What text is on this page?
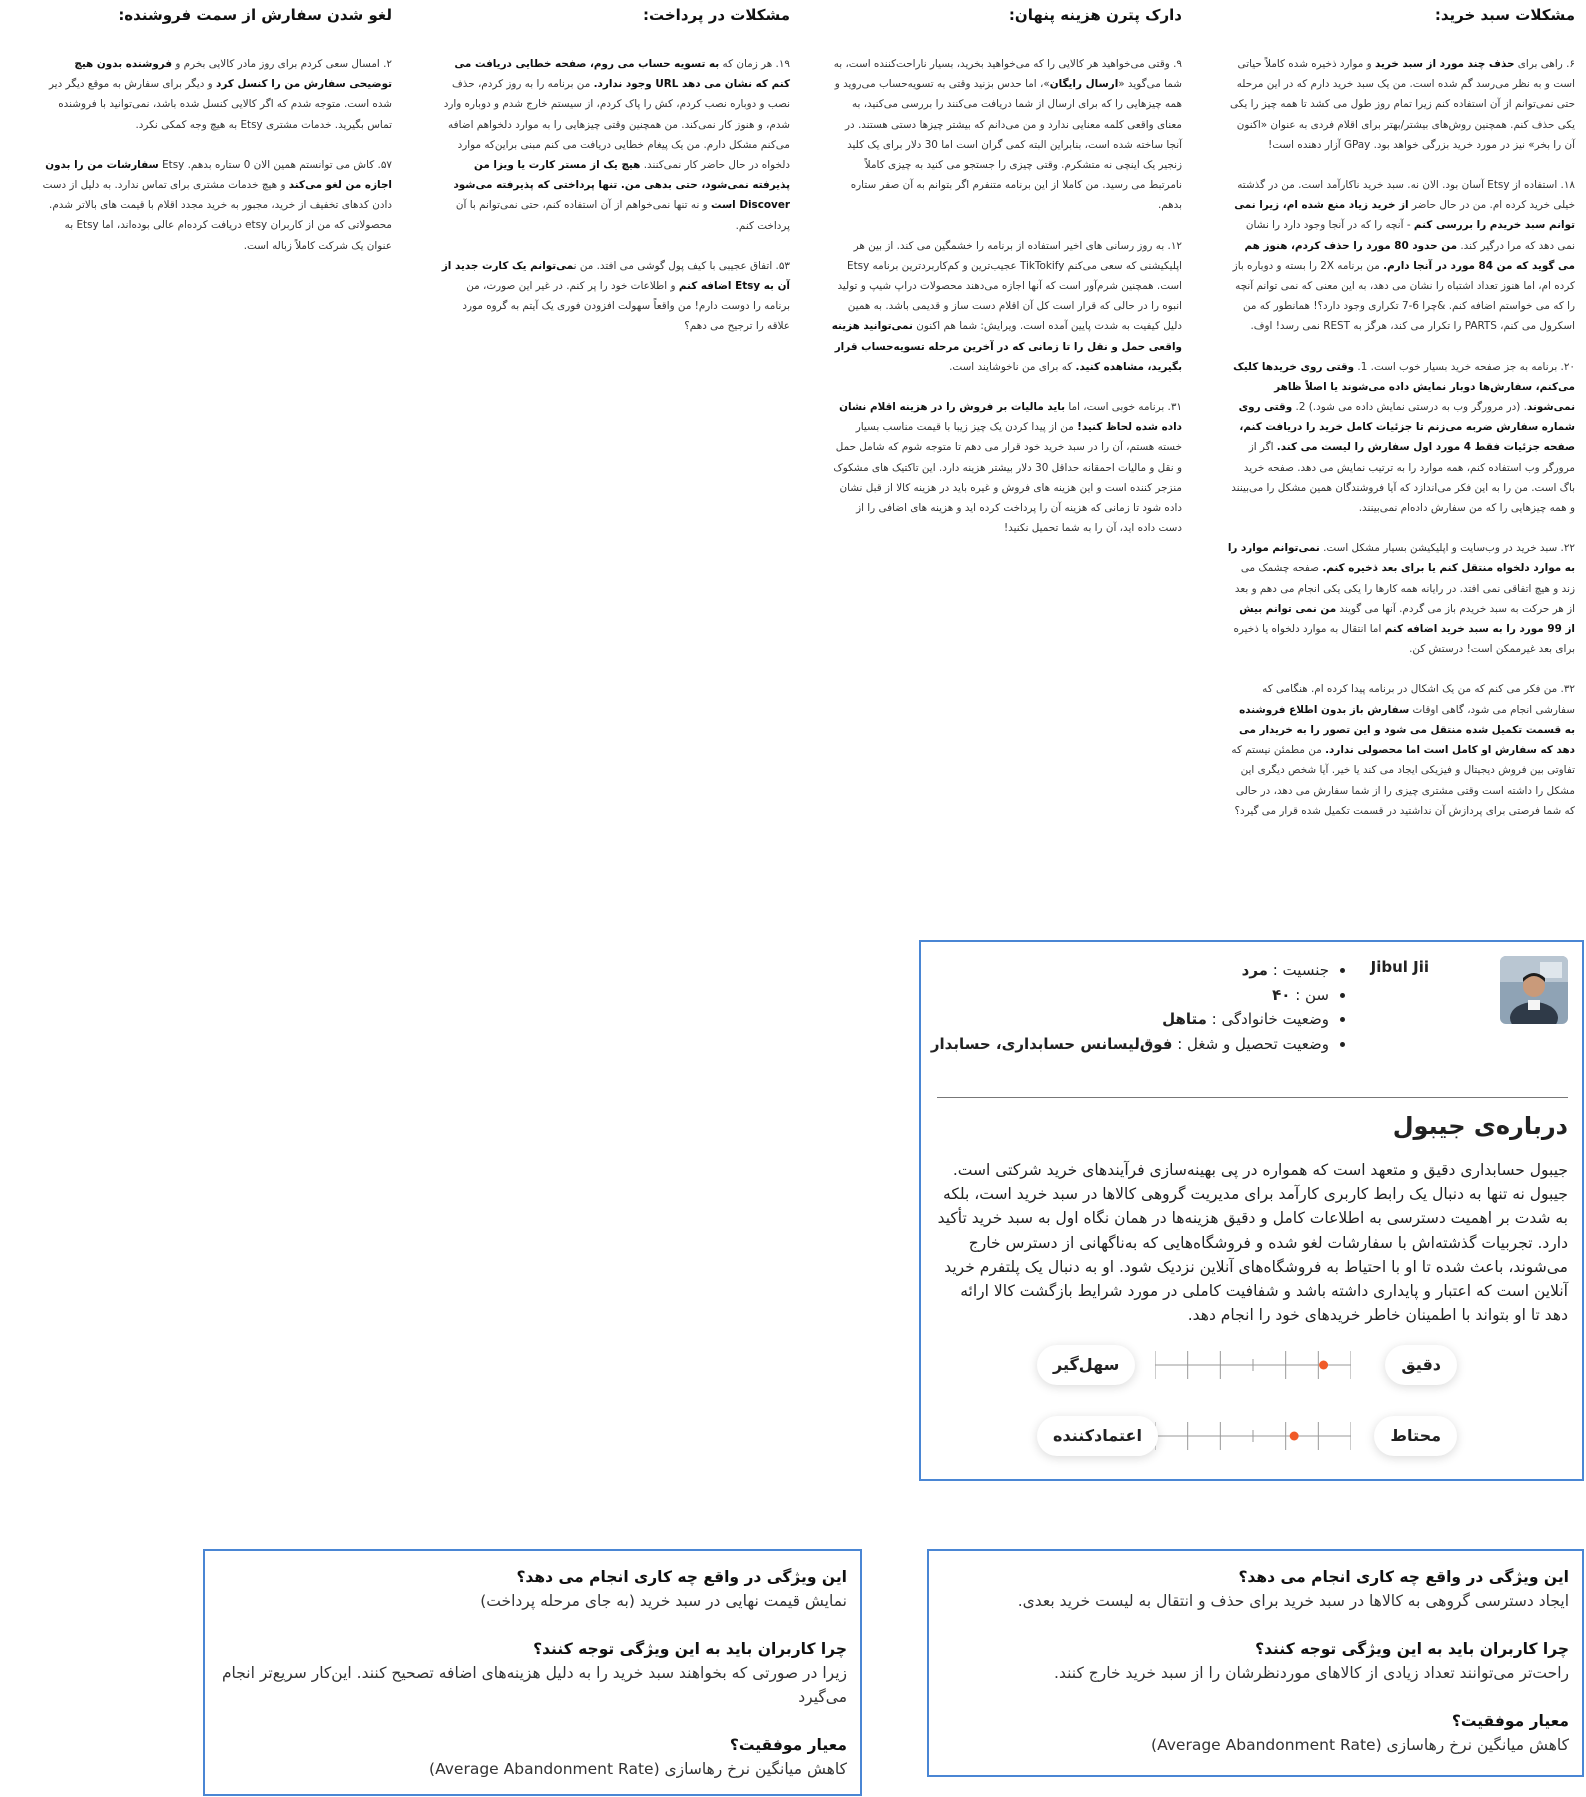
مشکلات سبد خرید:

۶. راهی برای حذف چند مورد از سبد خرید و موارد ذخیره شده کاملاً حیاتی است و به نظر می‌رسد گم شده است. من یک سبد خرید دارم که در این مرحله حتی نمی‌توانم از آن استفاده کنم زیرا تمام روز طول می کشد تا همه چیز را یکی یکی حذف کنم. همچنین روش‌های بیشتر/بهتر برای اقلام فردی به عنوان «اکنون آن را بخر» نیز در مورد خرید بزرگی خواهد بود. GPay آزار دهنده است!

۱۸. استفاده از Etsy آسان بود. الان نه. سبد خرید ناکارآمد است. من در گذشته خیلی خرید کرده ام. من در حال حاضر از خرید زیاد منع شده ام، زیرا نمی توانم سبد خریدم را بررسی کنم - آنچه را که در آنجا وجود دارد را نشان نمی دهد که مرا درگیر کند. من حدود 80 مورد را حذف کردم، هنوز هم می گوید که من 84 مورد در آنجا دارم. من برنامه 2X را بسته و دوباره باز کرده ام، اما هنوز تعداد اشتباه را نشان می دهد، به این معنی که نمی توانم آنچه را که می خواستم اضافه کنم. &چرا 6-7 تکراری وجود دارد؟! همانطور که من اسکرول می کنم، PARTS را تکرار می کند، هرگز به REST نمی رسد! اوف.

۲۰. برنامه به جز صفحه خرید بسیار خوب است. 1. وقتی روی خریدها کلیک می‌کنم، سفارش‌ها دوبار نمایش داده می‌شوند یا اصلاً ظاهر نمی‌شوند. (در مرورگر وب به درستی نمایش داده می شود.) 2. وقتی روی شماره سفارش ضربه می‌زنم تا جزئیات کامل خرید را دریافت کنم، صفحه جزئیات فقط 4 مورد اول سفارش را لیست می کند. اگر از مرورگر وب استفاده کنم، همه موارد را به ترتیب نمایش می دهد. صفحه خرید باگ است. من را به این فکر می‌اندازد که آیا فروشندگان همین مشکل را می‌بینند و همه چیزهایی را که من سفارش داده‌ام نمی‌بینند.

۲۲. سبد خرید در وب‌سایت و اپلیکیشن بسیار مشکل است. نمی‌توانم موارد را به موارد دلخواه منتقل کنم یا برای بعد ذخیره کنم. صفحه چشمک می زند و هیچ اتفاقی نمی افتد. در رایانه همه کارها را یکی یکی انجام می دهم و بعد از هر حرکت به سبد خریدم باز می گردم. آنها می گویند من نمی توانم بیش از 99 مورد را به سبد خرید اضافه کنم اما انتقال به موارد دلخواه یا ذخیره برای بعد غیرممکن است! درستش کن.

۳۲. من فکر می کنم که من یک اشکال در برنامه پیدا کرده ام. هنگامی که سفارشی انجام می شود، گاهی اوقات سفارش باز بدون اطلاع فروشنده به قسمت تکمیل شده منتقل می شود و این تصور را به خریدار می دهد که سفارش او کامل است اما محصولی ندارد. من مطمئن نیستم که تفاوتی بین فروش دیجیتال و فیزیکی ایجاد می کند یا خیر. آیا شخص دیگری این مشکل را داشته است وقتی مشتری چیزی را از شما سفارش می دهد، در حالی که شما فرصتی برای پردازش آن نداشتید در قسمت تکمیل شده قرار می گیرد؟

دارک پترن هزینه پنهان:

۹. وقتی می‌خواهید هر کالایی را که می‌خواهید بخرید، بسیار ناراحت‌کننده است، به شما می‌گوید «ارسال رایگان»، اما حدس بزنید وقتی به تسویه‌حساب می‌روید و همه چیزهایی را که برای ارسال از شما دریافت می‌کنند را بررسی می‌کنید، به معنای واقعی کلمه معنایی ندارد و من می‌دانم که بیشتر چیزها دستی هستند. در آنجا ساخته شده است، بنابراین البته کمی گران است اما 30 دلار برای یک کلید زنجیر یک اینچی نه متشکرم. وقتی چیزی را جستجو می کنید به چیزی کاملاً نامرتبط می رسید. من کاملا از این برنامه متنفرم اگر بتوانم به آن صفر ستاره بدهم.

۱۲. به روز رسانی های اخیر استفاده از برنامه را خشمگین می کند. از بین هر اپلیکیشنی که سعی می‌کنم TikTokify عجیب‌ترین و کم‌کاربردترین برنامه Etsy است. همچنین شرم‌آور است که آنها اجازه می‌دهند محصولات دراپ شیپ و تولید انبوه را در حالی که قرار است کل آن اقلام دست ساز و قدیمی باشد. به همین دلیل کیفیت به شدت پایین آمده است. ویرایش: شما هم اکنون نمی‌توانید هزینه واقعی حمل و نقل را تا زمانی که در آخرین مرحله تسویه‌حساب قرار بگیرید، مشاهده کنید. که برای من ناخوشایند است.

۳۱. برنامه خوبی است، اما باید مالیات بر فروش را در هزینه اقلام نشان داده شده لحاظ کنید! من از پیدا کردن یک چیز زیبا با قیمت مناسب بسیار خسته هستم، آن را در سبد خرید خود قرار می دهم تا متوجه شوم که شامل حمل و نقل و مالیات احمقانه حداقل 30 دلار بیشتر هزینه دارد. این تاکتیک های مشکوک منزجر کننده است و این هزینه های فروش و غیره باید در هزینه کالا از قبل نشان داده شود تا زمانی که هزینه آن را پرداخت کرده اید و هزینه های اضافی را از دست داده اید، آن را به شما تحمیل نکنید!

مشکلات در پرداخت:

۱۹. هر زمان که به تسویه حساب می روم، صفحه خطایی دریافت می کنم که نشان می دهد URL وجود ندارد. من برنامه را به روز کردم، حذف نصب و دوباره نصب کردم، کش را پاک کردم، از سیستم خارج شدم و دوباره وارد شدم، و هنوز کار نمی‌کند. من همچنین وقتی چیزهایی را به موارد دلخواهم اضافه می‌کنم مشکل دارم. من یک پیغام خطایی دریافت می کنم مبنی براین‌که موارد دلخواه در حال حاضر کار نمی‌کنند. هیچ یک از مستر کارت یا ویزا من پذیرفته نمی‌شود، حتی بدهی من. تنها پرداختی که پذیرفته می‌شود Discover است و نه تنها نمی‌خواهم از آن استفاده کنم، حتی نمی‌توانم با آن پرداخت کنم.

۵۳. اتفاق عجیبی با کیف پول گوشی می افتد. من نمی‌توانم یک کارت جدید از آن به Etsy اضافه کنم و اطلاعات خود را پر کنم. در غیر این صورت، من برنامه را دوست دارم! من واقعاً سهولت افزودن فوری یک آیتم به گروه مورد علاقه را ترجیح می دهم؟

لغو شدن سفارش از سمت فروشنده:

۲. امسال سعی کردم برای روز مادر کالایی بخرم و فروشنده بدون هیچ توضیحی سفارش من را کنسل کرد و دیگر برای سفارش به موقع دیگر دیر شده است. متوجه شدم که اگر کالایی کنسل شده باشد، نمی‌توانید با فروشنده تماس بگیرید. خدمات مشتری Etsy به هیچ وجه کمکی نکرد.

۵۷. کاش می توانستم همین الان 0 ستاره بدهم. Etsy سفارشات من را بدون اجازه من لغو می‌کند و هیچ خدمات مشتری برای تماس ندارد. به دلیل از دست دادن کدهای تخفیف از خرید، مجبور به خرید مجدد اقلام با قیمت های بالاتر شدم. محصولاتی که من از کاربران etsy دریافت کرده‌ام عالی بوده‌اند، اما Etsy به عنوان یک شرکت کاملاً زباله است.

Jibul Jii
• جنسیت : مرد
• سن : ۴۰
• وضعیت خانوادگی : متاهل
• وضعیت تحصیل و شغل : فوق‌لیسانس حسابداری، حسابدار
درباره‌ی جیبول

جیبول حسابداری دقیق و متعهد است که همواره در پی بهینه‌سازی فرآیندهای خرید شرکتی است. جیبول نه تنها به دنبال یک رابط کاربری کارآمد برای مدیریت گروهی کالاها در سبد خرید است، بلکه به شدت بر اهمیت دسترسی به اطلاعات کامل و دقیق هزینه‌ها در همان نگاه اول به سبد خرید تأکید دارد. تجربیات گذشته‌اش با سفارشات لغو شده و فروشگاه‌هایی که به‌ناگهانی از دسترس خارج می‌شوند، باعث شده تا او با احتیاط به فروشگاه‌های آنلاین نزدیک شود. او به دنبال یک پلتفرم خرید آنلاین است که اعتبار و پایداری داشته باشد و شفافیت کاملی در مورد شرایط بازگشت کالا ارائه دهد تا او بتواند با اطمینان خاطر خریدهای خود را انجام دهد.

دقیق
سهل‌گیر
محتاط
اعتمادکننده
این ویژگی در واقع چه کاری انجام می دهد؟

ایجاد دسترسی گروهی به کالاها در سبد خرید برای حذف و انتقال به لیست خرید بعدی.

چرا کاربران باید به این ویژگی توجه کنند؟

راحت‌تر می‌توانند تعداد زیادی از کالاهای موردنظرشان را از سبد خرید خارج کنند.

معیار موفقیت؟

کاهش میانگین نرخ رهاسازی (Average Abandonment Rate)

این ویژگی در واقع چه کاری انجام می دهد؟

نمایش قیمت نهایی در سبد خرید (به جای مرحله پرداخت)

چرا کاربران باید به این ویژگی توجه کنند؟

زیرا در صورتی که بخواهند سبد خرید را به دلیل هزینه‌های اضافه تصحیح کنند. این‌کار سریع‌تر انجام می‌گیرد

معیار موفقیت؟

کاهش میانگین نرخ رهاسازی (Average Abandonment Rate)
